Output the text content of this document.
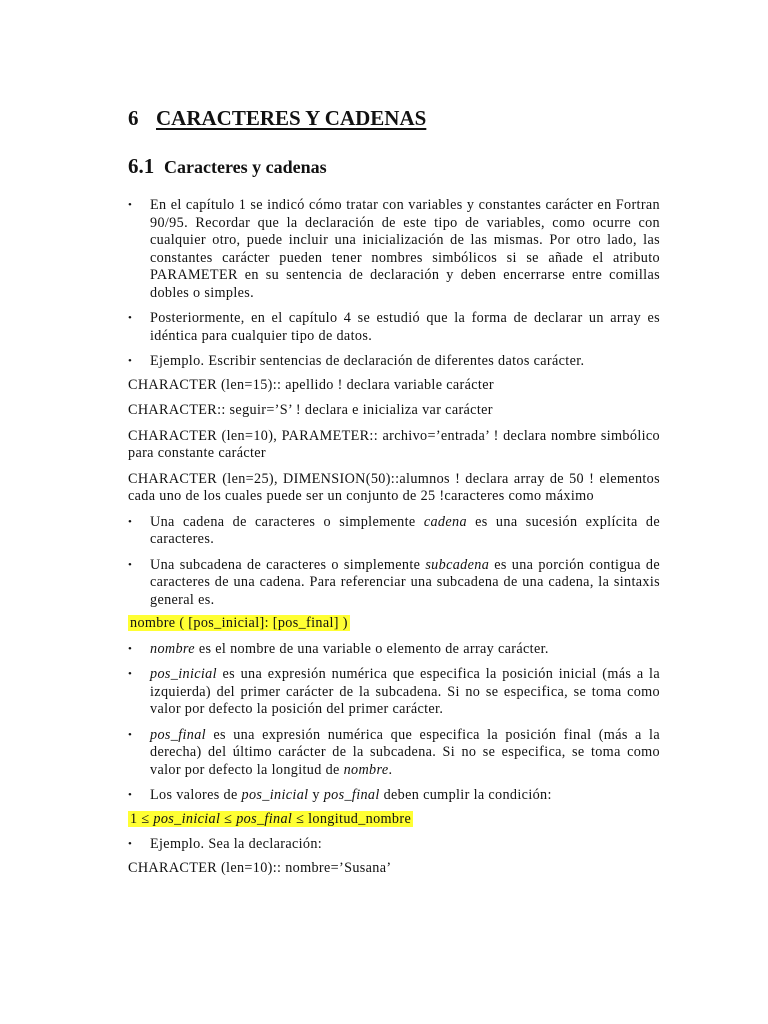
6 CARACTERES Y CADENAS
6.1 Caracteres y cadenas
• En el capítulo 1 se indicó cómo tratar con variables y constantes carácter en Fortran 90/95. Recordar que la declaración de este tipo de variables, como ocurre con cualquier otro, puede incluir una inicialización de las mismas. Por otro lado, las constantes carácter pueden tener nombres simbólicos si se añade el atributo PARAMETER en su sentencia de declaración y deben encerrarse entre comillas dobles o simples.
• Posteriormente, en el capítulo 4 se estudió que la forma de declarar un array es idéntica para cualquier tipo de datos.
• Ejemplo. Escribir sentencias de declaración de diferentes datos carácter.

CHARACTER (len=15):: apellido ! declara variable carácter

CHARACTER:: seguir=’S’ ! declara e inicializa var carácter

CHARACTER (len=10), PARAMETER:: archivo=’entrada’ ! declara nombre simbólico para constante carácter

CHARACTER (len=25), DIMENSION(50)::alumnos ! declara array de 50 ! elementos cada uno de los cuales puede ser un conjunto de 25 !caracteres como máximo

• Una cadena de caracteres o simplemente cadena es una sucesión explícita de caracteres.
• Una subcadena de caracteres o simplemente subcadena es una porción contigua de caracteres de una cadena. Para referenciar una subcadena de una cadena, la sintaxis general es.

nombre ( [pos_inicial]: [pos_final] )

• nombre es el nombre de una variable o elemento de array carácter.
• pos_inicial es una expresión numérica que especifica la posición inicial (más a la izquierda) del primer carácter de la subcadena. Si no se especifica, se toma como valor por defecto la posición del primer carácter.
• pos_final es una expresión numérica que especifica la posición final (más a la derecha) del último carácter de la subcadena. Si no se especifica, se toma como valor por defecto la longitud de nombre.
• Los valores de pos_inicial y pos_final deben cumplir la condición:

1 ≤ pos_inicial ≤ pos_final ≤ longitud_nombre

• Ejemplo. Sea la declaración:

CHARACTER (len=10):: nombre=’Susana’
